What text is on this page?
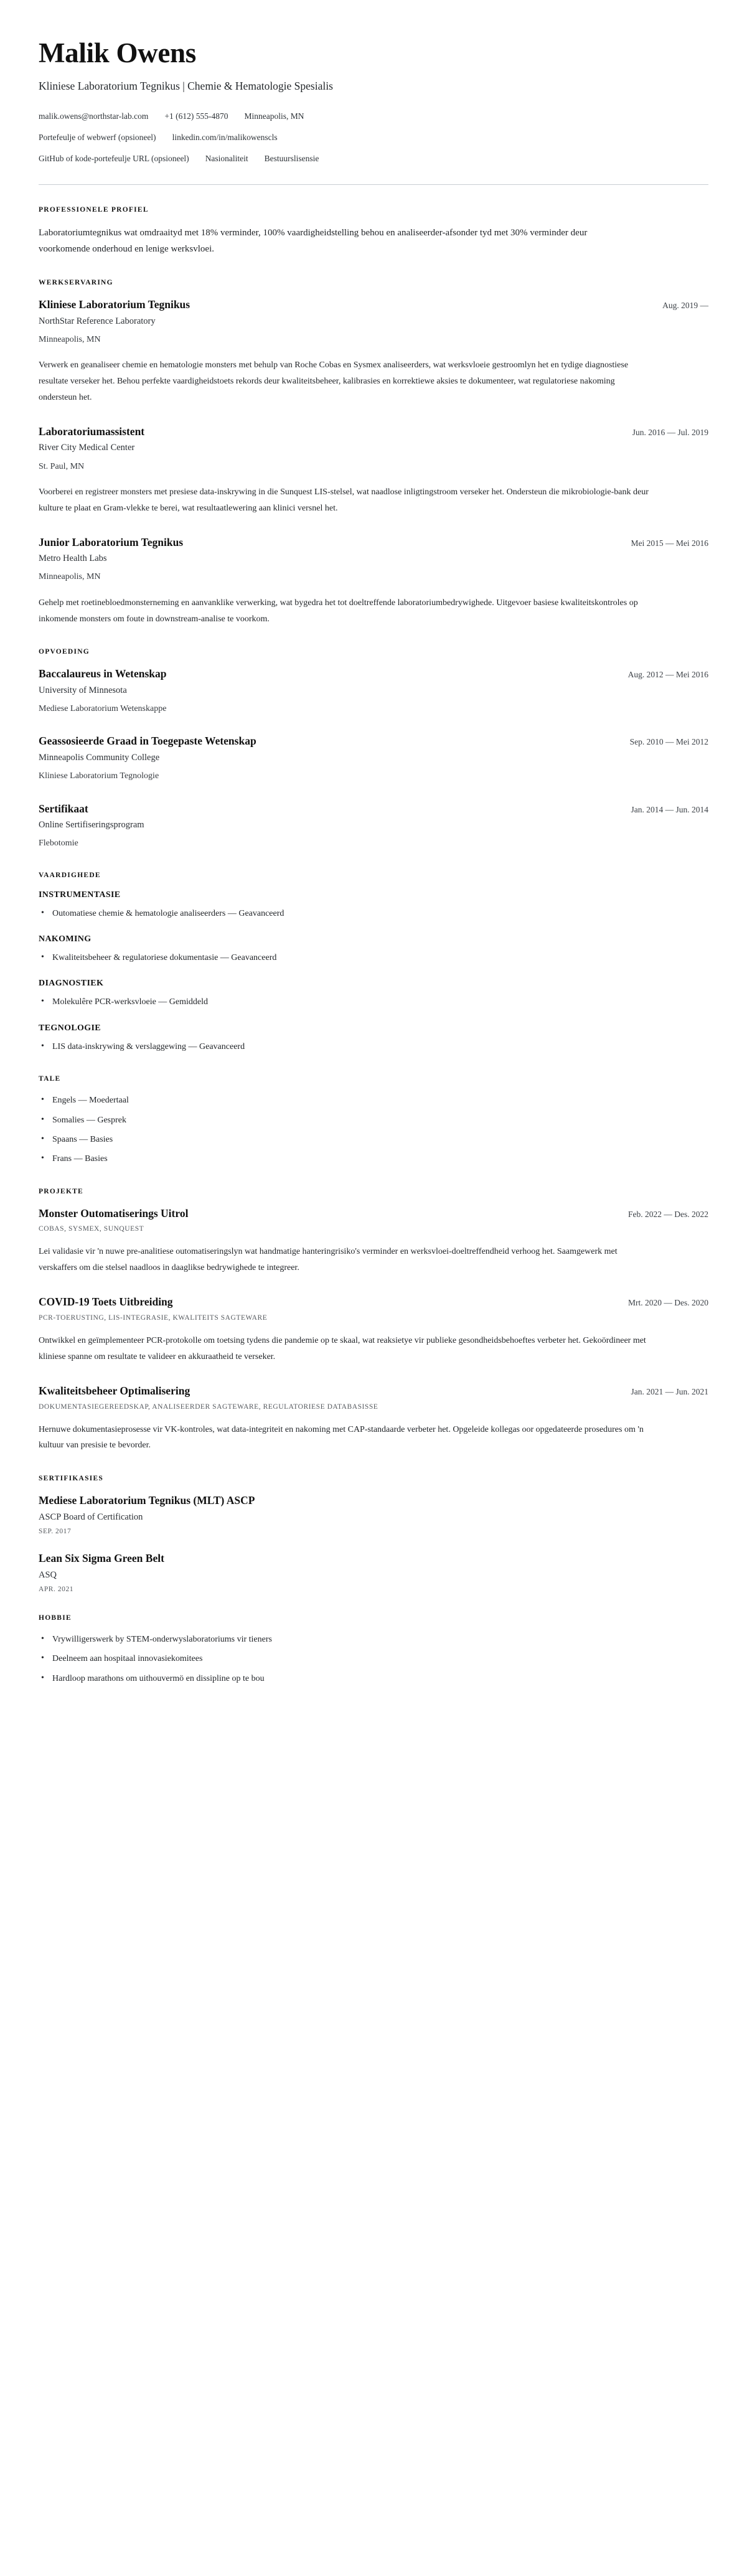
Malik Owens
Kliniese Laboratorium Tegnikus | Chemie & Hematologie Spesialis
malik.owens@northstar-lab.com +1 (612) 555-4870 Minneapolis, MN
Portefeulje of webwerf (opsioneel) linkedin.com/in/malikowenscls
GitHub of kode-portefeulje URL (opsioneel) Nasionaliteit Bestuurslisensie
PROFESSIONELE PROFIEL

Laboratoriumtegnikus wat omdraaityd met 18% verminder, 100% vaardigheidstelling behou en analiseerder-afsonder tyd met 30% verminder deur voorkomende onderhoud en lenige werksvloei.

WERKSERVARING
Kliniese Laboratorium Tegnikus	Aug. 2019 —
NorthStar Reference Laboratory
Minneapolis, MN

Verwerk en geanaliseer chemie en hematologie monsters met behulp van Roche Cobas en Sysmex analiseerders, wat werksvloeie gestroomlyn het en tydige diagnostiese resultate verseker het. Behou perfekte vaardigheidstoets rekords deur kwaliteitsbeheer, kalibrasies en korrektiewe aksies te dokumenteer, wat regulatoriese nakoming ondersteun het.

Laboratoriumassistent	Jun. 2016 — Jul. 2019
River City Medical Center
St. Paul, MN

Voorberei en registreer monsters met presiese data-inskrywing in die Sunquest LIS-stelsel, wat naadlose inligtingstroom verseker het. Ondersteun die mikrobiologie-bank deur kulture te plaat en Gram-vlekke te berei, wat resultaatlewering aan klinici versnel het.

Junior Laboratorium Tegnikus	Mei 2015 — Mei 2016
Metro Health Labs
Minneapolis, MN

Gehelp met roetinebloedmonsterneming en aanvanklike verwerking, wat bygedra het tot doeltreffende laboratoriumbedrywighede. Uitgevoer basiese kwaliteitskontroles op inkomende monsters om foute in downstream-analise te voorkom.

OPVOEDING
Baccalaureus in Wetenskap	Aug. 2012 — Mei 2016
University of Minnesota
Mediese Laboratorium Wetenskappe
Geassosieerde Graad in Toegepaste Wetenskap	Sep. 2010 — Mei 2012
Minneapolis Community College
Kliniese Laboratorium Tegnologie
Sertifikaat	Jan. 2014 — Jun. 2014
Online Sertifiseringsprogram
Flebotomie
VAARDIGHEDE
INSTRUMENTASIE
• Outomatiese chemie & hematologie analiseerders — Geavanceerd
NAKOMING
• Kwaliteitsbeheer & regulatoriese dokumentasie — Geavanceerd
DIAGNOSTIEK
• Molekulêre PCR-werksvloeie — Gemiddeld
TEGNOLOGIE
• LIS data-inskrywing & verslaggewing — Geavanceerd
TALE
• Engels — Moedertaal
• Somalies — Gesprek
• Spaans — Basies
• Frans — Basies
PROJEKTE
Monster Outomatiserings Uitrol	Feb. 2022 — Des. 2022
COBAS, SYSMEX, SUNQUEST

Lei validasie vir 'n nuwe pre-analitiese outomatiseringslyn wat handmatige hanteringrisiko's verminder en werksvloei-doeltreffendheid verhoog het. Saamgewerk met verskaffers om die stelsel naadloos in daaglikse bedrywighede te integreer.

COVID-19 Toets Uitbreiding	Mrt. 2020 — Des. 2020
PCR-TOERUSTING, LIS-INTEGRASIE, KWALITEITS SAGTEWARE

Ontwikkel en geïmplementeer PCR-protokolle om toetsing tydens die pandemie op te skaal, wat reaksietye vir publieke gesondheidsbehoeftes verbeter het. Gekoördineer met kliniese spanne om resultate te valideer en akkuraatheid te verseker.

Kwaliteitsbeheer Optimalisering	Jan. 2021 — Jun. 2021
DOKUMENTASIEGEREEDSKAP, ANALISEERDER SAGTEWARE, REGULATORIESE DATABASISSE

Hernuwe dokumentasieprosesse vir VK-kontroles, wat data-integriteit en nakoming met CAP-standaarde verbeter het. Opgeleide kollegas oor opgedateerde prosedures om 'n kultuur van presisie te bevorder.

SERTIFIKASIES
Mediese Laboratorium Tegnikus (MLT) ASCP
ASCP Board of Certification
SEP. 2017
Lean Six Sigma Green Belt
ASQ
APR. 2021
HOBBIE
• Vrywilligerswerk by STEM-onderwyslaboratoriums vir tieners
• Deelneem aan hospitaal innovasiekomitees
• Hardloop marathons om uithouvermö en dissipline op te bou
